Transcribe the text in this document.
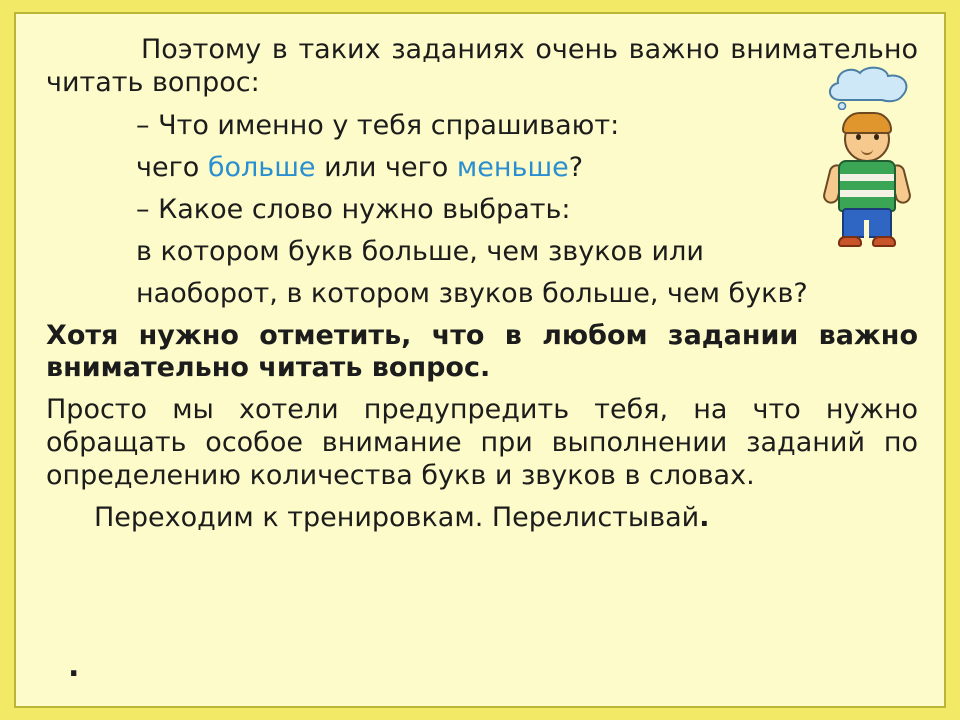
Поэтому в таких заданиях очень важно внимательно читать вопрос:

– Что именно у тебя спрашивают:

чего больше или чего меньше?

– Какое слово нужно выбрать:

в котором букв больше, чем звуков или

наоборот, в котором звуков больше, чем букв?

Хотя нужно отметить, что в любом задании важно внимательно читать вопрос.

Просто мы хотели предупредить тебя, на что нужно обращать особое внимание при выполнении заданий по определению количества букв и звуков в словах.

Переходим к тренировкам. Перелистывай.

.
